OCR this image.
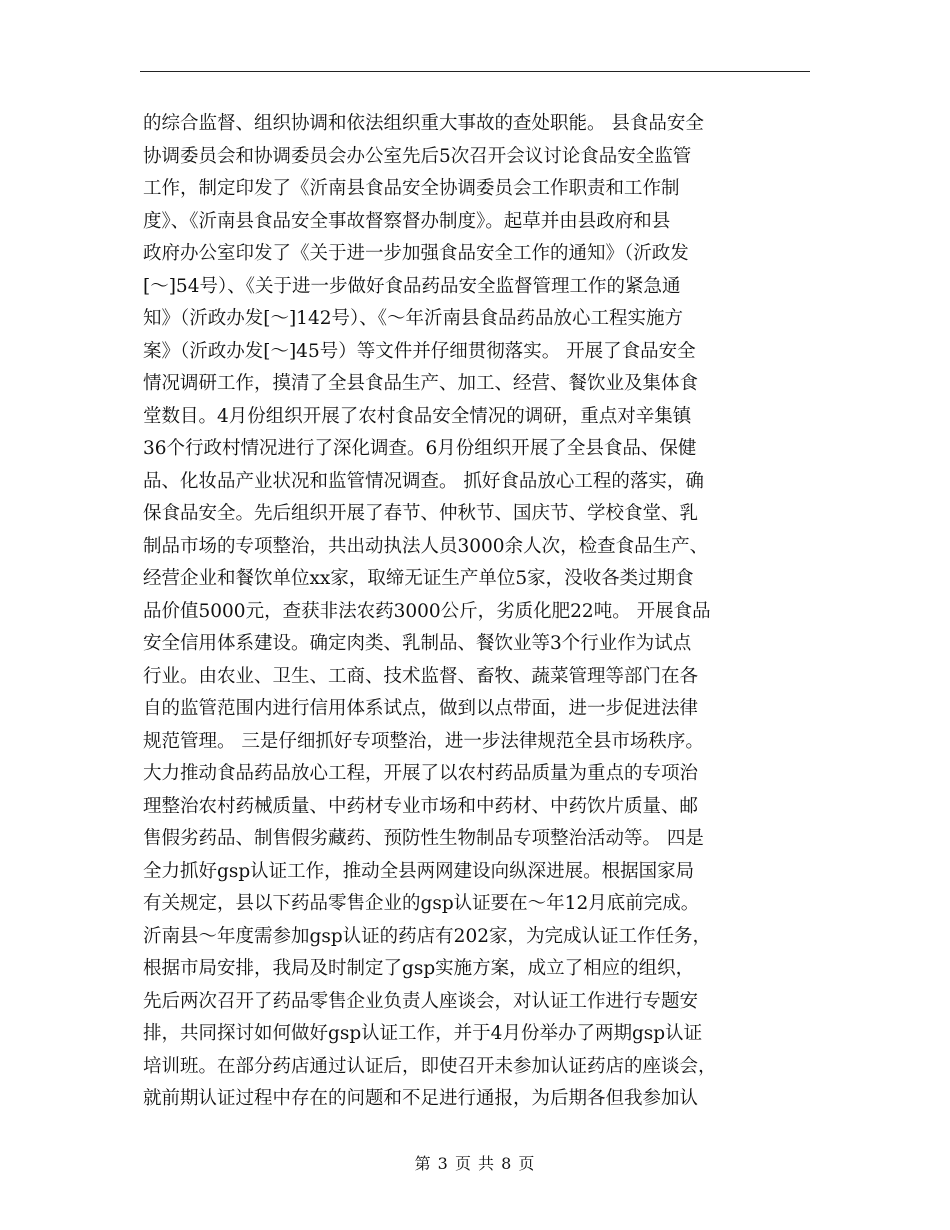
的综合监督、组织协调和依法组织重大事故的查处职能。 县食品安全
协调委员会和协调委员会办公室先后5次召开会议讨论食品安全监管
工作，制定印发了《沂南县食品安全协调委员会工作职责和工作制
度》、《沂南县食品安全事故督察督办制度》。起草并由县政府和县
政府办公室印发了《关于进一步加强食品安全工作的通知》（沂政发
[～]54号）、《关于进一步做好食品药品安全监督管理工作的紧急通
知》（沂政办发[～]142号）、《～年沂南县食品药品放心工程实施方
案》（沂政办发[～]45号）等文件并仔细贯彻落实。 开展了食品安全
情况调研工作，摸清了全县食品生产、加工、经营、餐饮业及集体食
堂数目。4月份组织开展了农村食品安全情况的调研，重点对辛集镇
36个行政村情况进行了深化调查。6月份组织开展了全县食品、保健
品、化妆品产业状况和监管情况调查。 抓好食品放心工程的落实，确
保食品安全。先后组织开展了春节、仲秋节、国庆节、学校食堂、乳
制品市场的专项整治，共出动执法人员3000余人次，检查食品生产、
经营企业和餐饮单位xx家，取缔无证生产单位5家，没收各类过期食
品价值5000元，查获非法农药3000公斤，劣质化肥22吨。 开展食品
安全信用体系建设。确定肉类、乳制品、餐饮业等3个行业作为试点
行业。由农业、卫生、工商、技术监督、畜牧、蔬菜管理等部门在各
自的监管范围内进行信用体系试点，做到以点带面，进一步促进法律
规范管理。 三是仔细抓好专项整治，进一步法律规范全县市场秩序。
大力推动食品药品放心工程，开展了以农村药品质量为重点的专项治
理整治农村药械质量、中药材专业市场和中药材、中药饮片质量、邮
售假劣药品、制售假劣藏药、预防性生物制品专项整治活动等。 四是
全力抓好gsp认证工作，推动全县两网建设向纵深进展。根据国家局
有关规定，县以下药品零售企业的gsp认证要在～年12月底前完成。
沂南县～年度需参加gsp认证的药店有202家，为完成认证工作任务，
根据市局安排，我局及时制定了gsp实施方案，成立了相应的组织，
先后两次召开了药品零售企业负责人座谈会，对认证工作进行专题安
排，共同探讨如何做好gsp认证工作，并于4月份举办了两期gsp认证
培训班。在部分药店通过认证后，即使召开未参加认证药店的座谈会，
就前期认证过程中存在的问题和不足进行通报，为后期各但我参加认
第 3 页 共 8 页
